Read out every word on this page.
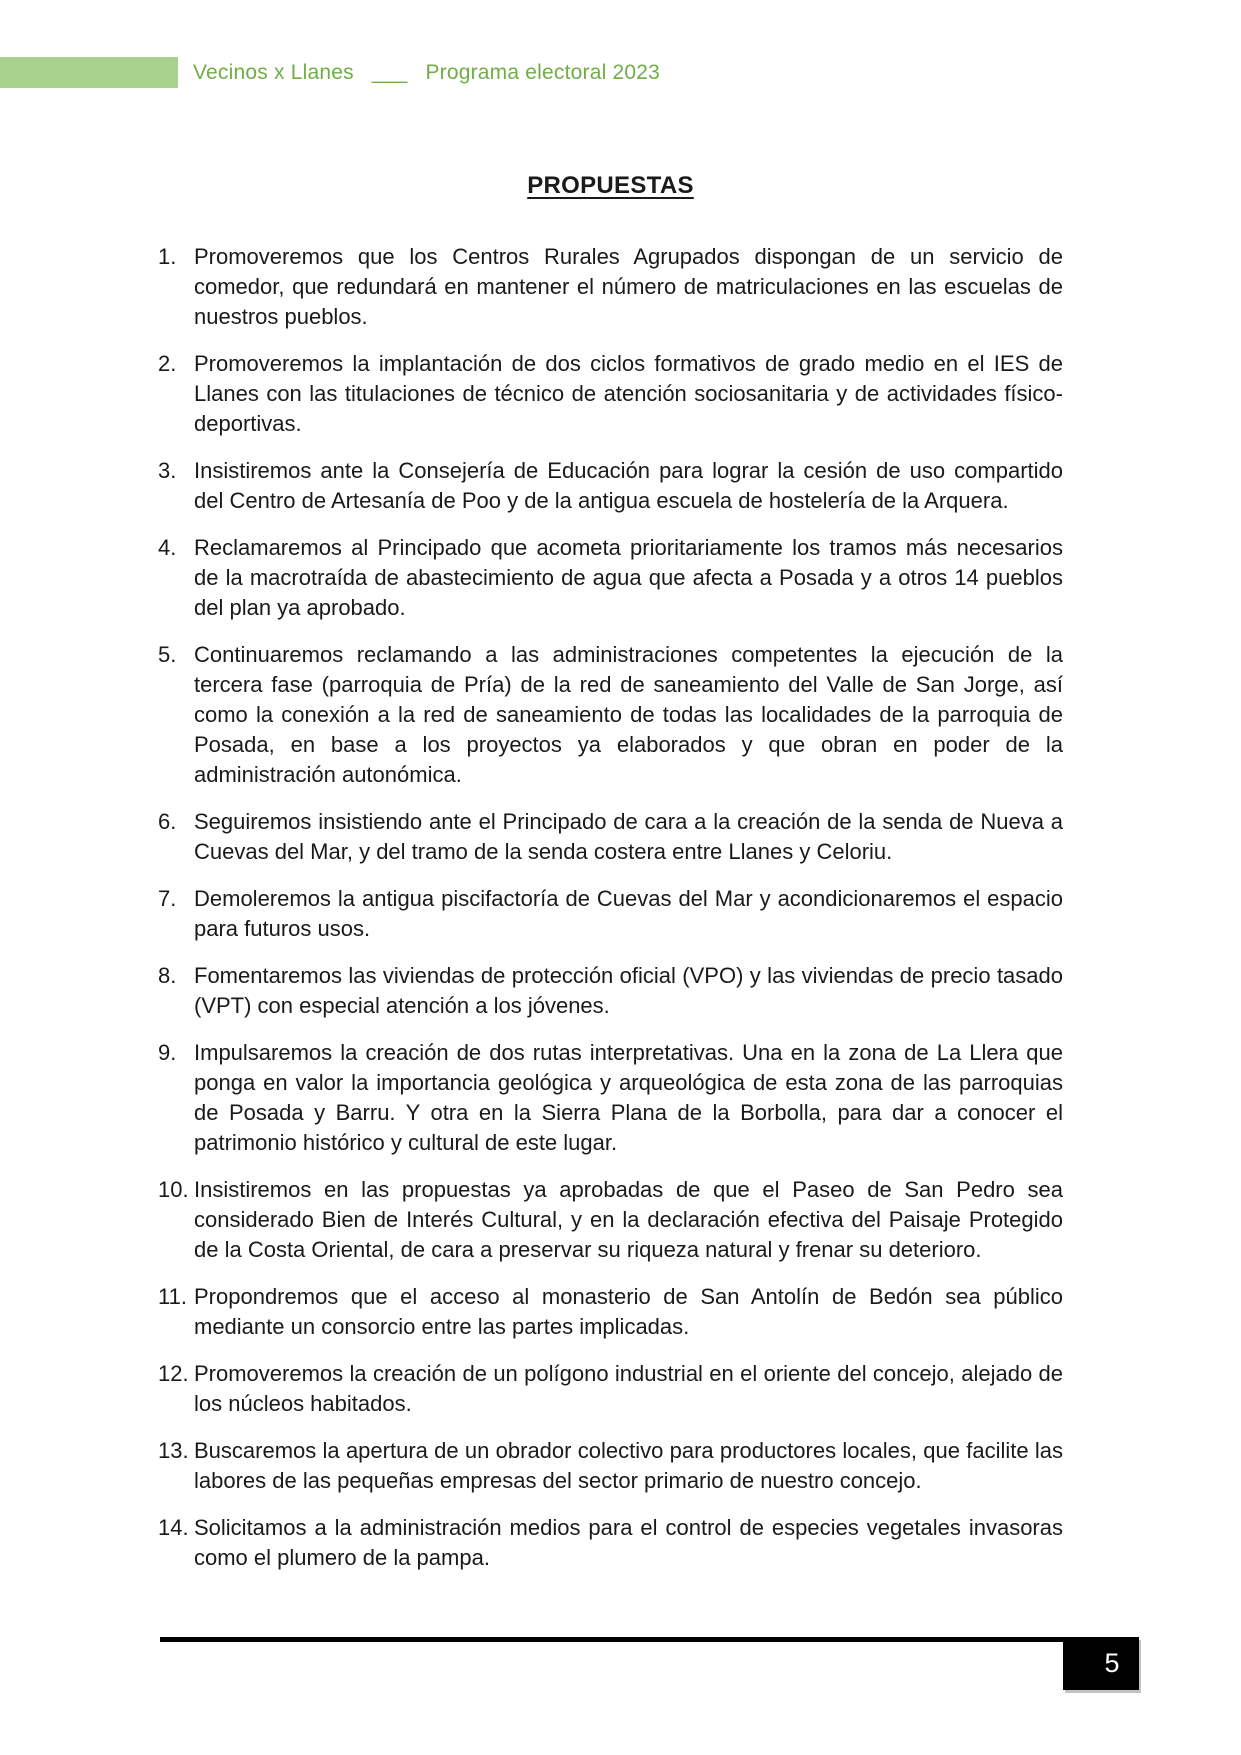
Vecinos x Llanes ___ Programa electoral 2023
PROPUESTAS
1. Promoveremos que los Centros Rurales Agrupados dispongan de un servicio de comedor, que redundará en mantener el número de matriculaciones en las escuelas de nuestros pueblos.
2. Promoveremos la implantación de dos ciclos formativos de grado medio en el IES de Llanes con las titulaciones de técnico de atención sociosanitaria y de actividades físico-deportivas.
3. Insistiremos ante la Consejería de Educación para lograr la cesión de uso compartido del Centro de Artesanía de Poo y de la antigua escuela de hostelería de la Arquera.
4. Reclamaremos al Principado que acometa prioritariamente los tramos más necesarios de la macrotraída de abastecimiento de agua que afecta a Posada y a otros 14 pueblos del plan ya aprobado.
5. Continuaremos reclamando a las administraciones competentes la ejecución de la tercera fase (parroquia de Pría) de la red de saneamiento del Valle de San Jorge, así como la conexión a la red de saneamiento de todas las localidades de la parroquia de Posada, en base a los proyectos ya elaborados y que obran en poder de la administración autonómica.
6. Seguiremos insistiendo ante el Principado de cara a la creación de la senda de Nueva a Cuevas del Mar, y del tramo de la senda costera entre Llanes y Celoriu.
7. Demoleremos la antigua piscifactoría de Cuevas del Mar y acondicionaremos el espacio para futuros usos.
8. Fomentaremos las viviendas de protección oficial (VPO) y las viviendas de precio tasado (VPT) con especial atención a los jóvenes.
9. Impulsaremos la creación de dos rutas interpretativas. Una en la zona de La Llera que ponga en valor la importancia geológica y arqueológica de esta zona de las parroquias de Posada y Barru. Y otra en la Sierra Plana de la Borbolla, para dar a conocer el patrimonio histórico y cultural de este lugar.
10. Insistiremos en las propuestas ya aprobadas de que el Paseo de San Pedro sea considerado Bien de Interés Cultural, y en la declaración efectiva del Paisaje Protegido de la Costa Oriental, de cara a preservar su riqueza natural y frenar su deterioro.
11. Propondremos que el acceso al monasterio de San Antolín de Bedón sea público mediante un consorcio entre las partes implicadas.
12. Promoveremos la creación de un polígono industrial en el oriente del concejo, alejado de los núcleos habitados.
13. Buscaremos la apertura de un obrador colectivo para productores locales, que facilite las labores de las pequeñas empresas del sector primario de nuestro concejo.
14. Solicitamos a la administración medios para el control de especies vegetales invasoras como el plumero de la pampa.
5
